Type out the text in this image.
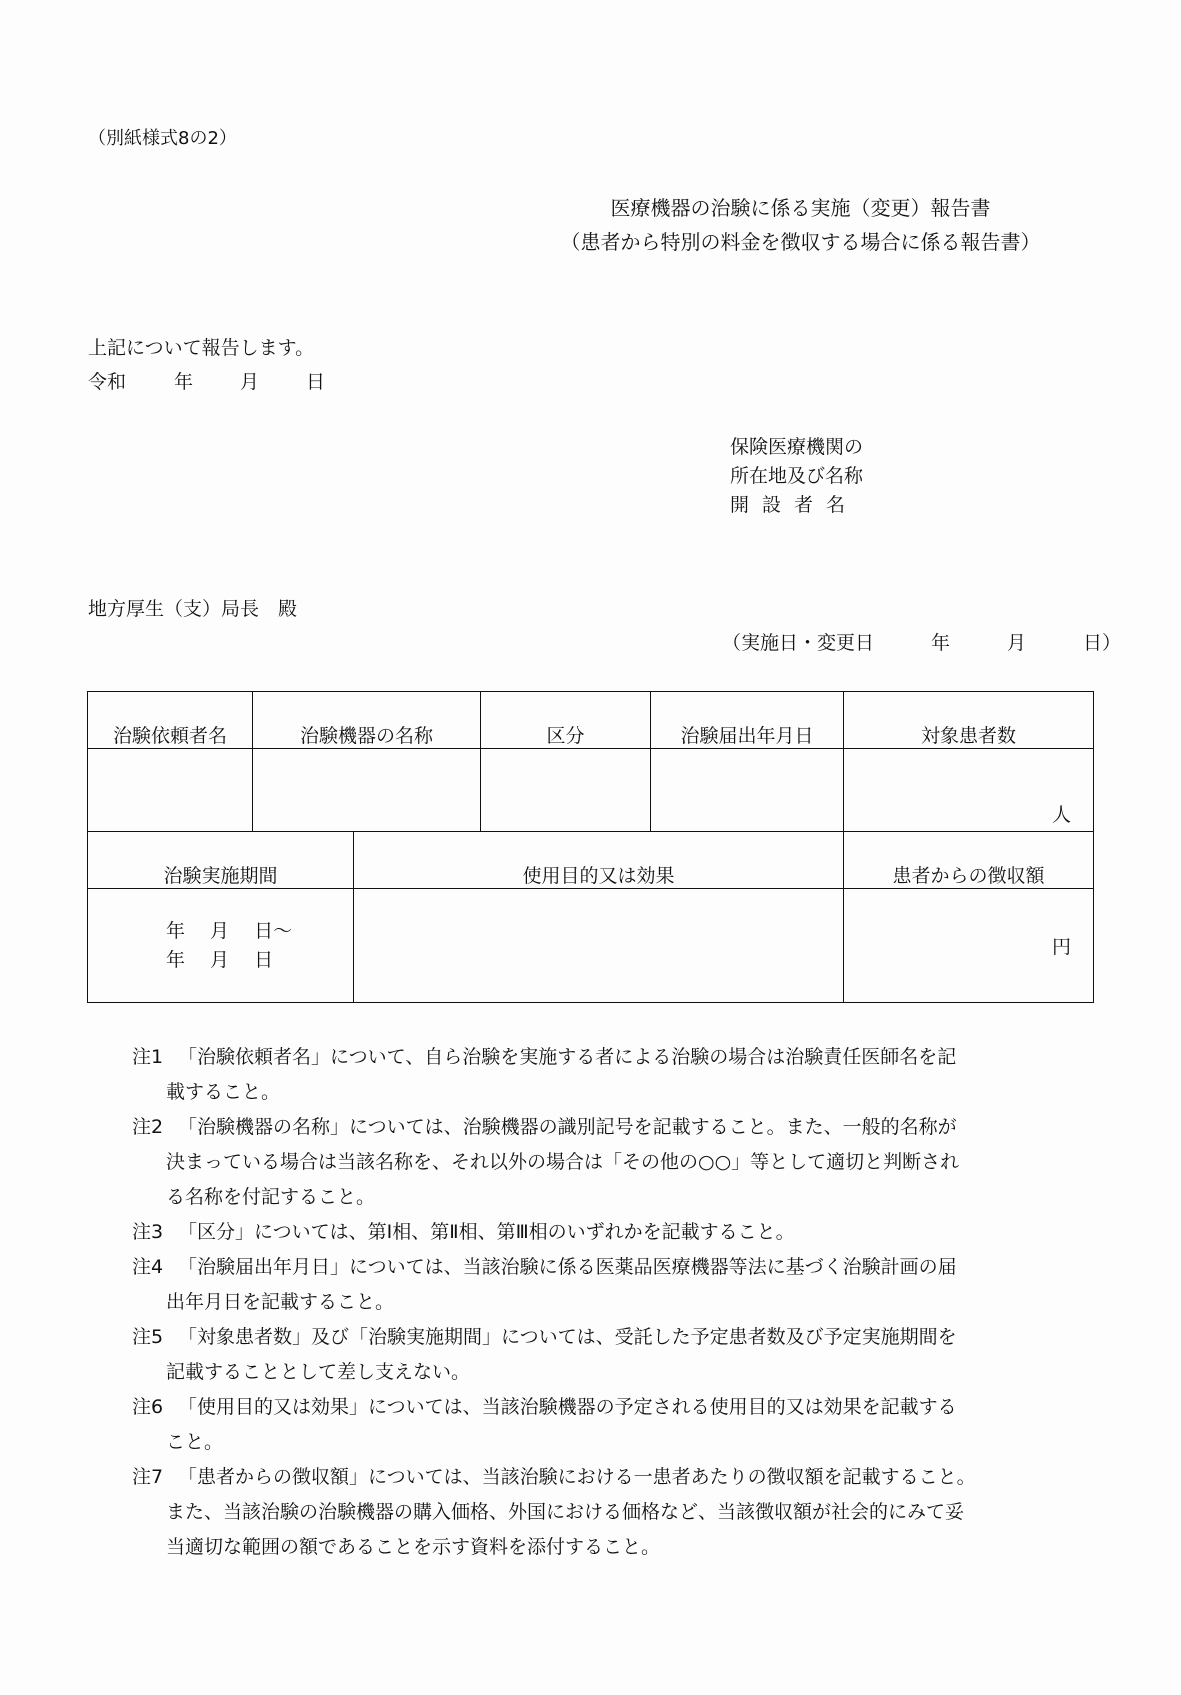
（別紙様式8の2）
医療機器の治験に係る実施（変更）報告書
（患者から特別の料金を徴収する場合に係る報告書）
上記について報告します。
令和	年 月 日
保険医療機関の
所在地及び名称
開設者名
地方厚生（支）局長　殿
（実施日・変更日　　　年　　　月　　　日）
治験依頼者名	治験機器の名称		区分	治験届出年月日	対象患者数
					人
治験実施期間		使用目的又は効果			患者からの徴収額

年　 月　 日～
年　 月　 日					円
注1 「治験依頼者名」について、自ら治験を実施する者による治験の場合は治験責任医師名を記
載すること。
注2 「治験機器の名称」については、治験機器の識別記号を記載すること。また、一般的名称が
決まっている場合は当該名称を、それ以外の場合は「その他の○○」等として適切と判断され
る名称を付記すること。
注3 「区分」については、第Ⅰ相、第Ⅱ相、第Ⅲ相のいずれかを記載すること。
注4 「治験届出年月日」については、当該治験に係る医薬品医療機器等法に基づく治験計画の届
出年月日を記載すること。
注5 「対象患者数」及び「治験実施期間」については、受託した予定患者数及び予定実施期間を
記載することとして差し支えない。
注6 「使用目的又は効果」については、当該治験機器の予定される使用目的又は効果を記載する
こと。
注7 「患者からの徴収額」については、当該治験における一患者あたりの徴収額を記載すること。
また、当該治験の治験機器の購入価格、外国における価格など、当該徴収額が社会的にみて妥
当適切な範囲の額であることを示す資料を添付すること。
